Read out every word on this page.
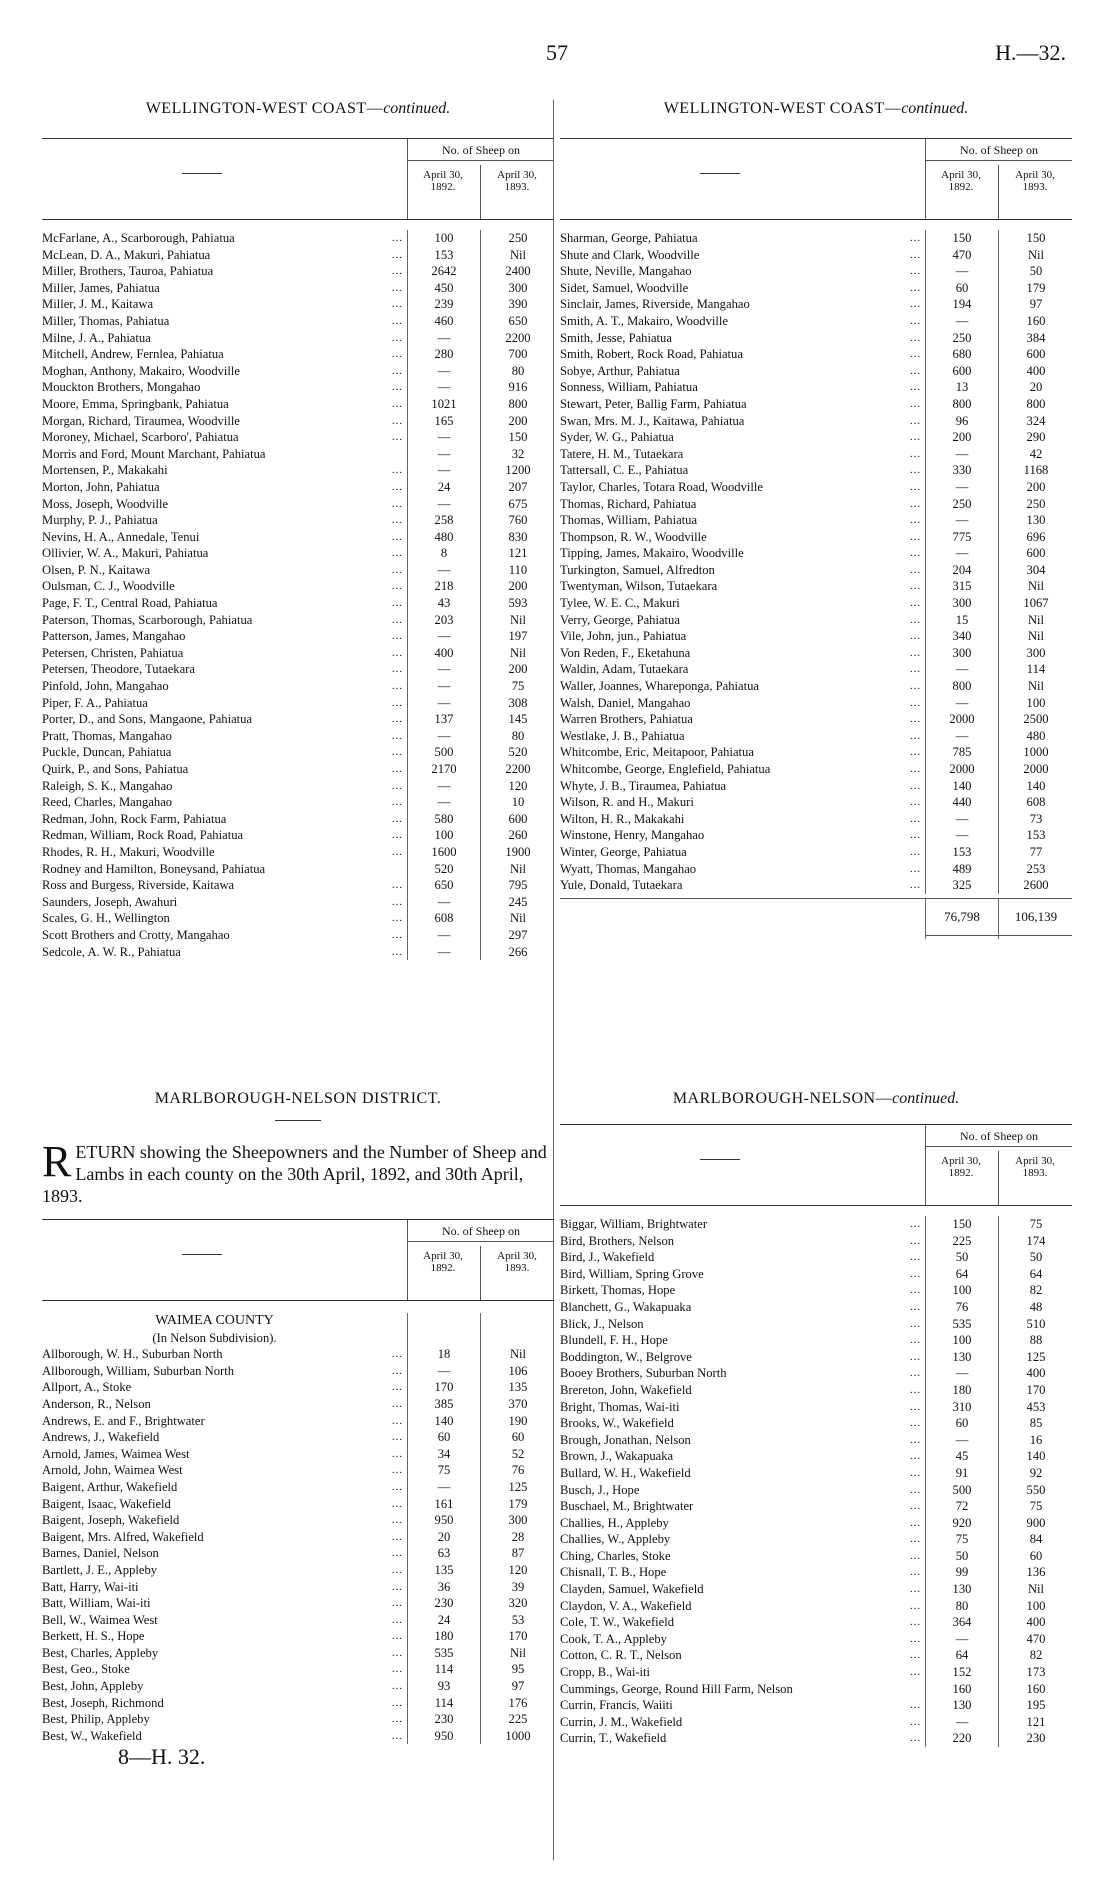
57	H.—32.
WELLINGTON-WEST COAST—continued.
No. of Sheep on
April 30,
1892.
April 30,
1893.
McFarlane, A., Scarborough, Pahiatua	…	100	250
McLean, D. A., Makuri, Pahiatua	…	153	Nil
Miller, Brothers, Tauroa, Pahiatua	…	2642	2400
Miller, James, Pahiatua	…	450	300
Miller, J. M., Kaitawa	…	239	390
Miller, Thomas, Pahiatua	…	460	650
Milne, J. A., Pahiatua	…	—	2200
Mitchell, Andrew, Fernlea, Pahiatua	…	280	700
Moghan, Anthony, Makairo, Woodville	…	—	80
Mouckton Brothers, Mongahao	…	—	916
Moore, Emma, Springbank, Pahiatua	…	1021	800
Morgan, Richard, Tiraumea, Woodville	…	165	200
Moroney, Michael, Scarboro', Pahiatua	…	—	150
Morris and Ford, Mount Marchant, Pahiatua	—	32
Mortensen, P., Makakahi	…	—	1200
Morton, John, Pahiatua	…	24	207
Moss, Joseph, Woodville	…	—	675
Murphy, P. J., Pahiatua	…	258	760
Nevins, H. A., Annedale, Tenui	…	480	830
Ollivier, W. A., Makuri, Pahiatua	…	8	121
Olsen, P. N., Kaitawa	…	—	110
Oulsman, C. J., Woodville	…	218	200
Page, F. T., Central Road, Pahiatua	…	43	593
Paterson, Thomas, Scarborough, Pahiatua	…	203	Nil
Patterson, James, Mangahao	…	—	197
Petersen, Christen, Pahiatua	…	400	Nil
Petersen, Theodore, Tutaekara	…	—	200
Pinfold, John, Mangahao	…	—	75
Piper, F. A., Pahiatua	…	—	308
Porter, D., and Sons, Mangaone, Pahiatua	…	137	145
Pratt, Thomas, Mangahao	…	—	80
Puckle, Duncan, Pahiatua	…	500	520
Quirk, P., and Sons, Pahiatua	…	2170	2200
Raleigh, S. K., Mangahao	…	—	120
Reed, Charles, Mangahao	…	—	10
Redman, John, Rock Farm, Pahiatua	…	580	600
Redman, William, Rock Road, Pahiatua	…	100	260
Rhodes, R. H., Makuri, Woodville	…	1600	1900
Rodney and Hamilton, Boneysand, Pahiatua	520	Nil
Ross and Burgess, Riverside, Kaitawa	…	650	795
Saunders, Joseph, Awahuri	…	—	245
Scales, G. H., Wellington	…	608	Nil
Scott Brothers and Crotty, Mangahao	…	—	297
Sedcole, A. W. R., Pahiatua	…	—	266
WELLINGTON-WEST COAST—continued.
No. of Sheep on
April 30,
1892.
April 30,
1893.
Sharman, George, Pahiatua	…	150	150
Shute and Clark, Woodville	…	470	Nil
Shute, Neville, Mangahao	…	—	50
Sidet, Samuel, Woodville	…	60	179
Sinclair, James, Riverside, Mangahao	…	194	97
Smith, A. T., Makairo, Woodville	…	—	160
Smith, Jesse, Pahiatua	…	250	384
Smith, Robert, Rock Road, Pahiatua	…	680	600
Sobye, Arthur, Pahiatua	…	600	400
Sonness, William, Pahiatua	…	13	20
Stewart, Peter, Ballig Farm, Pahiatua	…	800	800
Swan, Mrs. M. J., Kaitawa, Pahiatua	…	96	324
Syder, W. G., Pahiatua	…	200	290
Tatere, H. M., Tutaekara	…	—	42
Tattersall, C. E., Pahiatua	…	330	1168
Taylor, Charles, Totara Road, Woodville	…	—	200
Thomas, Richard, Pahiatua	…	250	250
Thomas, William, Pahiatua	…	—	130
Thompson, R. W., Woodville	…	775	696
Tipping, James, Makairo, Woodville	…	—	600
Turkington, Samuel, Alfredton	…	204	304
Twentyman, Wilson, Tutaekara	…	315	Nil
Tylee, W. E. C., Makuri	…	300	1067
Verry, George, Pahiatua	…	15	Nil
Vile, John, jun., Pahiatua	…	340	Nil
Von Reden, F., Eketahuna	…	300	300
Waldin, Adam, Tutaekara	…	—	114
Waller, Joannes, Whareponga, Pahiatua	…	800	Nil
Walsh, Daniel, Mangahao	…	—	100
Warren Brothers, Pahiatua	…	2000	2500
Westlake, J. B., Pahiatua	…	—	480
Whitcombe, Eric, Meitapoor, Pahiatua	…	785	1000
Whitcombe, George, Englefield, Pahiatua	…	2000	2000
Whyte, J. B., Tiraumea, Pahiatua	…	140	140
Wilson, R. and H., Makuri	…	440	608
Wilton, H. R., Makakahi	…	—	73
Winstone, Henry, Mangahao	…	—	153
Winter, George, Pahiatua	…	153	77
Wyatt, Thomas, Mangahao	…	489	253
Yule, Donald, Tutaekara	…	325	2600
76,798	106,139
MARLBOROUGH-NELSON DISTRICT.
RETURN showing the Sheepowners and the Number of Sheep and Lambs in each county on the 30th April, 1892, and 30th April, 1893.
No. of Sheep on
April 30,
1892.
April 30,
1893.
WAIMEA COUNTY
(In Nelson Subdivision).
Allborough, W. H., Suburban North	…	18	Nil
Allborough, William, Suburban North	…	—	106
Allport, A., Stoke	…	170	135
Anderson, R., Nelson	…	385	370
Andrews, E. and F., Brightwater	…	140	190
Andrews, J., Wakefield	…	60	60
Arnold, James, Waimea West	…	34	52
Arnold, John, Waimea West	…	75	76
Baigent, Arthur, Wakefield	…	—	125
Baigent, Isaac, Wakefield	…	161	179
Baigent, Joseph, Wakefield	…	950	300
Baigent, Mrs. Alfred, Wakefield	…	20	28
Barnes, Daniel, Nelson	…	63	87
Bartlett, J. E., Appleby	…	135	120
Batt, Harry, Wai-iti	…	36	39
Batt, William, Wai-iti	…	230	320
Bell, W., Waimea West	…	24	53
Berkett, H. S., Hope	…	180	170
Best, Charles, Appleby	…	535	Nil
Best, Geo., Stoke	…	114	95
Best, John, Appleby	…	93	97
Best, Joseph, Richmond	…	114	176
Best, Philip, Appleby	…	230	225
Best, W., Wakefield	…	950	1000
8—H. 32.
MARLBOROUGH-NELSON—continued.
No. of Sheep on
April 30,
1892.
April 30,
1893.
Biggar, William, Brightwater	…	150	75
Bird, Brothers, Nelson	…	225	174
Bird, J., Wakefield	…	50	50
Bird, William, Spring Grove	…	64	64
Birkett, Thomas, Hope	…	100	82
Blanchett, G., Wakapuaka	…	76	48
Blick, J., Nelson	…	535	510
Blundell, F. H., Hope	…	100	88
Boddington, W., Belgrove	…	130	125
Booey Brothers, Suburban North	…	—	400
Brereton, John, Wakefield	…	180	170
Bright, Thomas, Wai-iti	…	310	453
Brooks, W., Wakefield	…	60	85
Brough, Jonathan, Nelson	…	—	16
Brown, J., Wakapuaka	…	45	140
Bullard, W. H., Wakefield	…	91	92
Busch, J., Hope	…	500	550
Buschael, M., Brightwater	…	72	75
Challies, H., Appleby	…	920	900
Challies, W., Appleby	…	75	84
Ching, Charles, Stoke	…	50	60
Chisnall, T. B., Hope	…	99	136
Clayden, Samuel, Wakefield	…	130	Nil
Claydon, V. A., Wakefield	…	80	100
Cole, T. W., Wakefield	…	364	400
Cook, T. A., Appleby	…	—	470
Cotton, C. R. T., Nelson	…	64	82
Cropp, B., Wai-iti	…	152	173
Cummings, George, Round Hill Farm, Nelson	160	160
Currin, Francis, Waiiti	…	130	195
Currin, J. M., Wakefield	…	—	121
Currin, T., Wakefield	…	220	230
